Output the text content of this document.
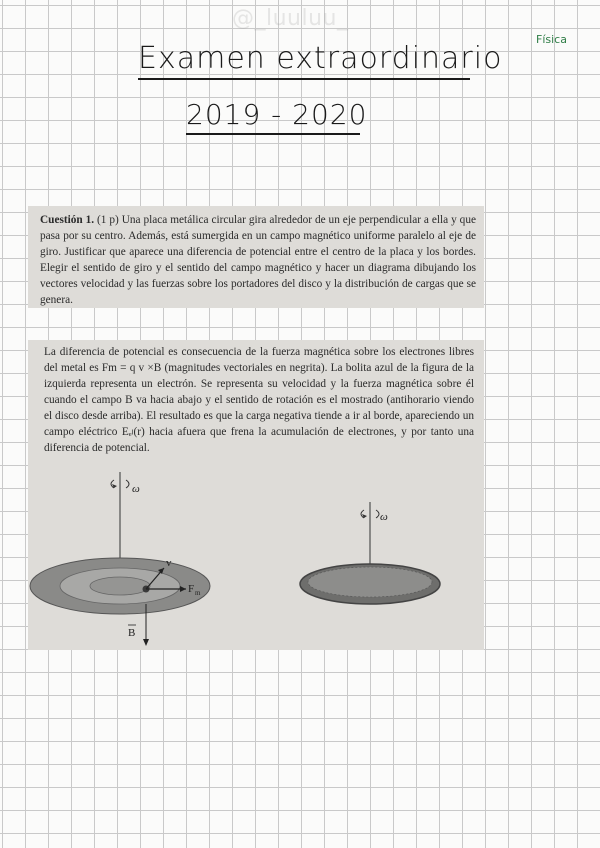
@_luuluu_
Física
Examen extraordinario
2019 - 2020
Cuestión 1. (1 p) Una placa metálica circular gira alrededor de un eje perpendicular a ella y que pasa por su centro. Además, está sumergida en un campo magnético uniforme paralelo al eje de giro. Justificar que aparece una diferencia de potencial entre el centro de la placa y los bordes. Elegir el sentido de giro y el sentido del campo magnético y hacer un diagrama dibujando los vectores velocidad y las fuerzas sobre los portadores del disco y la distribución de cargas que se genera.
La diferencia de potencial es consecuencia de la fuerza magnética sobre los electrones libres del metal es Fm = q v ×B (magnitudes vectoriales en negrita). La bolita azul de la figura de la izquierda representa un electrón. Se representa su velocidad y la fuerza magnética sobre él cuando el campo B va hacia abajo y el sentido de rotación es el mostrado (antihorario viendo el disco desde arriba). El resultado es que la carga negativa tiende a ir al borde, apareciendo un campo eléctrico Eₑₗ(r) hacia afuera que frena la acumulación de electrones, y por tanto una diferencia de potencial.
ω
v
F m
B
ω
